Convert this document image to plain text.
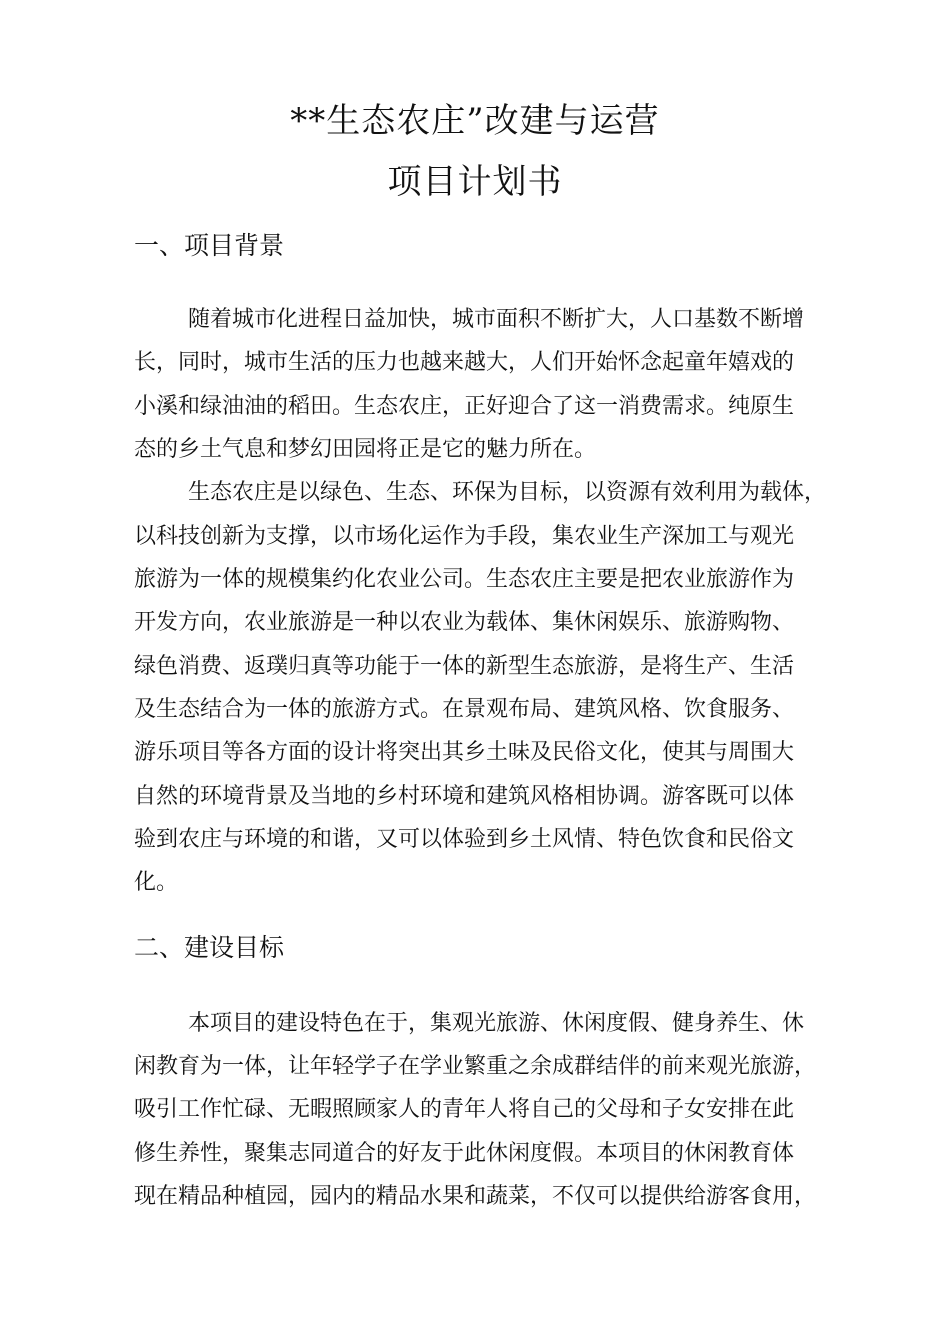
**生态农庄”改建与运营
项目计划书
一、项目背景
随着城市化进程日益加快，城市面积不断扩大，人口基数不断增
长，同时，城市生活的压力也越来越大，人们开始怀念起童年嬉戏的
小溪和绿油油的稻田。生态农庄，正好迎合了这一消费需求。纯原生
态的乡土气息和梦幻田园将正是它的魅力所在。
生态农庄是以绿色、生态、环保为目标，以资源有效利用为载体，
以科技创新为支撑，以市场化运作为手段，集农业生产深加工与观光
旅游为一体的规模集约化农业公司。生态农庄主要是把农业旅游作为
开发方向，农业旅游是一种以农业为载体、集休闲娱乐、旅游购物、
绿色消费、返璞归真等功能于一体的新型生态旅游，是将生产、生活
及生态结合为一体的旅游方式。在景观布局、建筑风格、饮食服务、
游乐项目等各方面的设计将突出其乡土味及民俗文化，使其与周围大
自然的环境背景及当地的乡村环境和建筑风格相协调。游客既可以体
验到农庄与环境的和谐，又可以体验到乡土风情、特色饮食和民俗文
化。
二、建设目标
本项目的建设特色在于，集观光旅游、休闲度假、健身养生、休
闲教育为一体，让年轻学子在学业繁重之余成群结伴的前来观光旅游，
吸引工作忙碌、无暇照顾家人的青年人将自己的父母和子女安排在此
修生养性，聚集志同道合的好友于此休闲度假。本项目的休闲教育体
现在精品种植园，园内的精品水果和蔬菜，不仅可以提供给游客食用，
